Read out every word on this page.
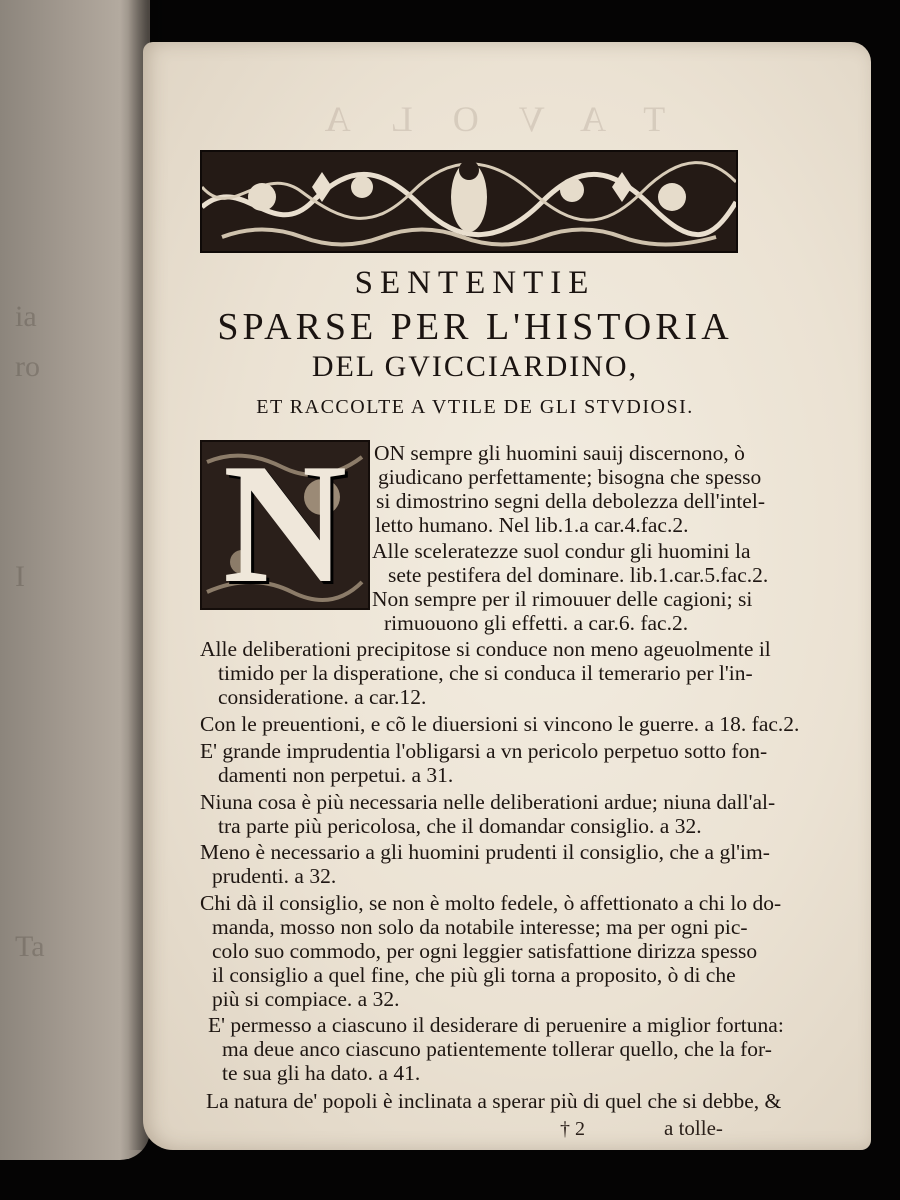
ia
ro
I
Ta
TAVOLA
SENTENTIE
SPARSE PER L'HISTORIA
DEL GVICCIARDINO,
ET RACCOLTE A VTILE DE GLI STVDIOSI.
N	ON sempre gli huomini sauij discernono, ò
giudicano perfettamente; bisogna che spesso
si dimostrino segni della debolezza dell'intel-
letto humano. Nel lib.1.a car.4.fac.2.
Alle sceleratezze suol condur gli huomini la
sete pestifera del dominare. lib.1.car.5.fac.2.
Non sempre per il rimouuer delle cagioni; si
rimuouono gli effetti. a car.6. fac.2.
Alle deliberationi precipitose si conduce non meno ageuolmente il
timido per la disperatione, che si conduca il temerario per l'in-
consideratione. a car.12.
Con le preuentioni, e cõ le diuersioni si vincono le guerre. a 18. fac.2.
E' grande imprudentia l'obligarsi a vn pericolo perpetuo sotto fon-
damenti non perpetui. a 31.
Niuna cosa è più necessaria nelle deliberationi ardue; niuna dall'al-
tra parte più pericolosa, che il domandar consiglio. a 32.
Meno è necessario a gli huomini prudenti il consiglio, che a gl'im-
prudenti. a 32.
Chi dà il consiglio, se non è molto fedele, ò affettionato a chi lo do-
manda, mosso non solo da notabile interesse; ma per ogni pic-
colo suo commodo, per ogni leggier satisfattione dirizza spesso
il consiglio a quel fine, che più gli torna a proposito, ò di che
più si compiace. a 32.
E' permesso a ciascuno il desiderare di peruenire a miglior fortuna:
ma deue anco ciascuno patientemente tollerar quello, che la for-
te sua gli ha dato. a 41.
La natura de' popoli è inclinata a sperar più di quel che si debbe, &
† 2	a tolle-
